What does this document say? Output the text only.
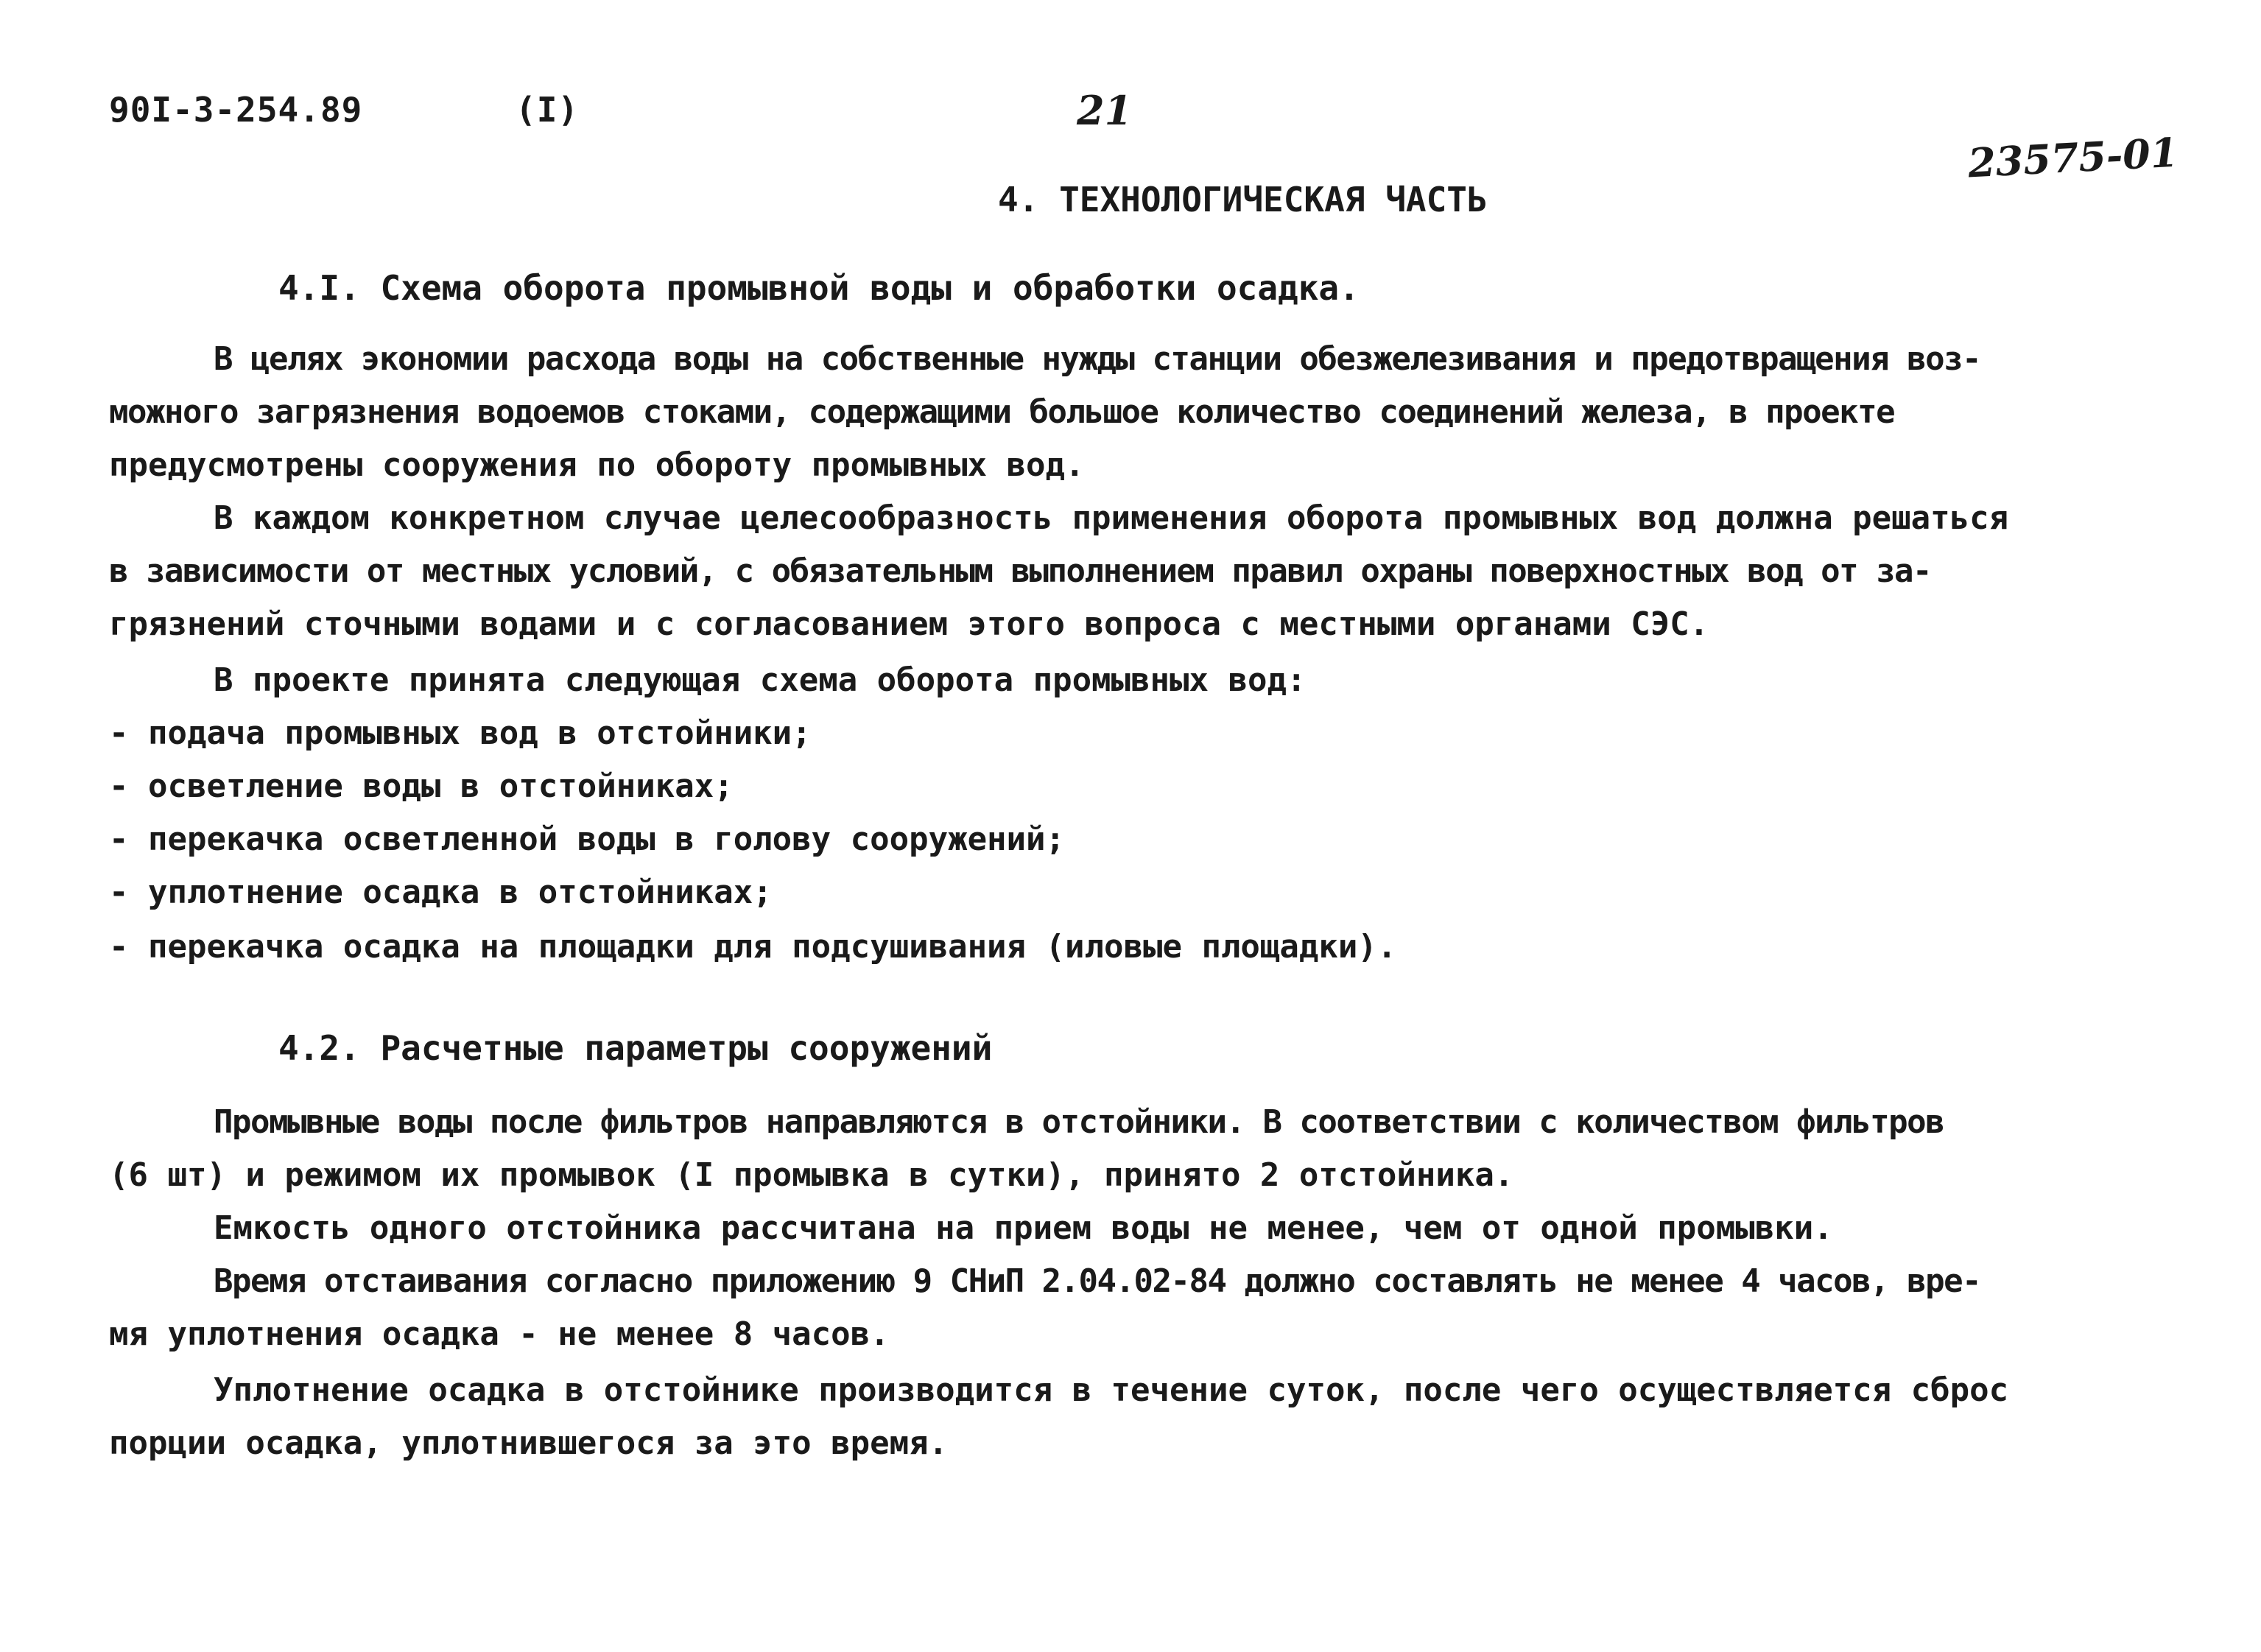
90I-3-254.89	(I)	21
23575-01
4. ТЕХНОЛОГИЧЕСКАЯ ЧАСТЬ
4.I. Схема оборота промывной воды и обработки осадка.
В целях экономии расхода воды на собственные нужды станции обезжелезивания и предотвращения воз-
можного загрязнения водоемов стоками, содержащими большое количество соединений железа, в проекте
предусмотрены сооружения по обороту промывных вод.
В каждом конкретном случае целесообразность применения оборота промывных вод должна решаться
в зависимости от местных условий, с обязательным выполнением правил охраны поверхностных вод от за-
грязнений сточными водами и с согласованием этого вопроса с местными органами СЭС.
В проекте принята следующая схема оборота промывных вод:
- подача промывных вод в отстойники;
- осветление воды в отстойниках;
- перекачка осветленной воды в голову сооружений;
- уплотнение осадка в отстойниках;
- перекачка осадка на площадки для подсушивания (иловые площадки).
4.2. Расчетные параметры сооружений
Промывные воды после фильтров направляются в отстойники. В соответствии с количеством фильтров
(6 шт) и режимом их промывок (I промывка в сутки), принято 2 отстойника.
Емкость одного отстойника рассчитана на прием воды не менее, чем от одной промывки.
Время отстаивания согласно приложению 9 СНиП 2.04.02-84 должно составлять не менее 4 часов, вре-
мя уплотнения осадка - не менее 8 часов.
Уплотнение осадка в отстойнике производится в течение суток, после чего осуществляется сброс
порции осадка, уплотнившегося за это время.
